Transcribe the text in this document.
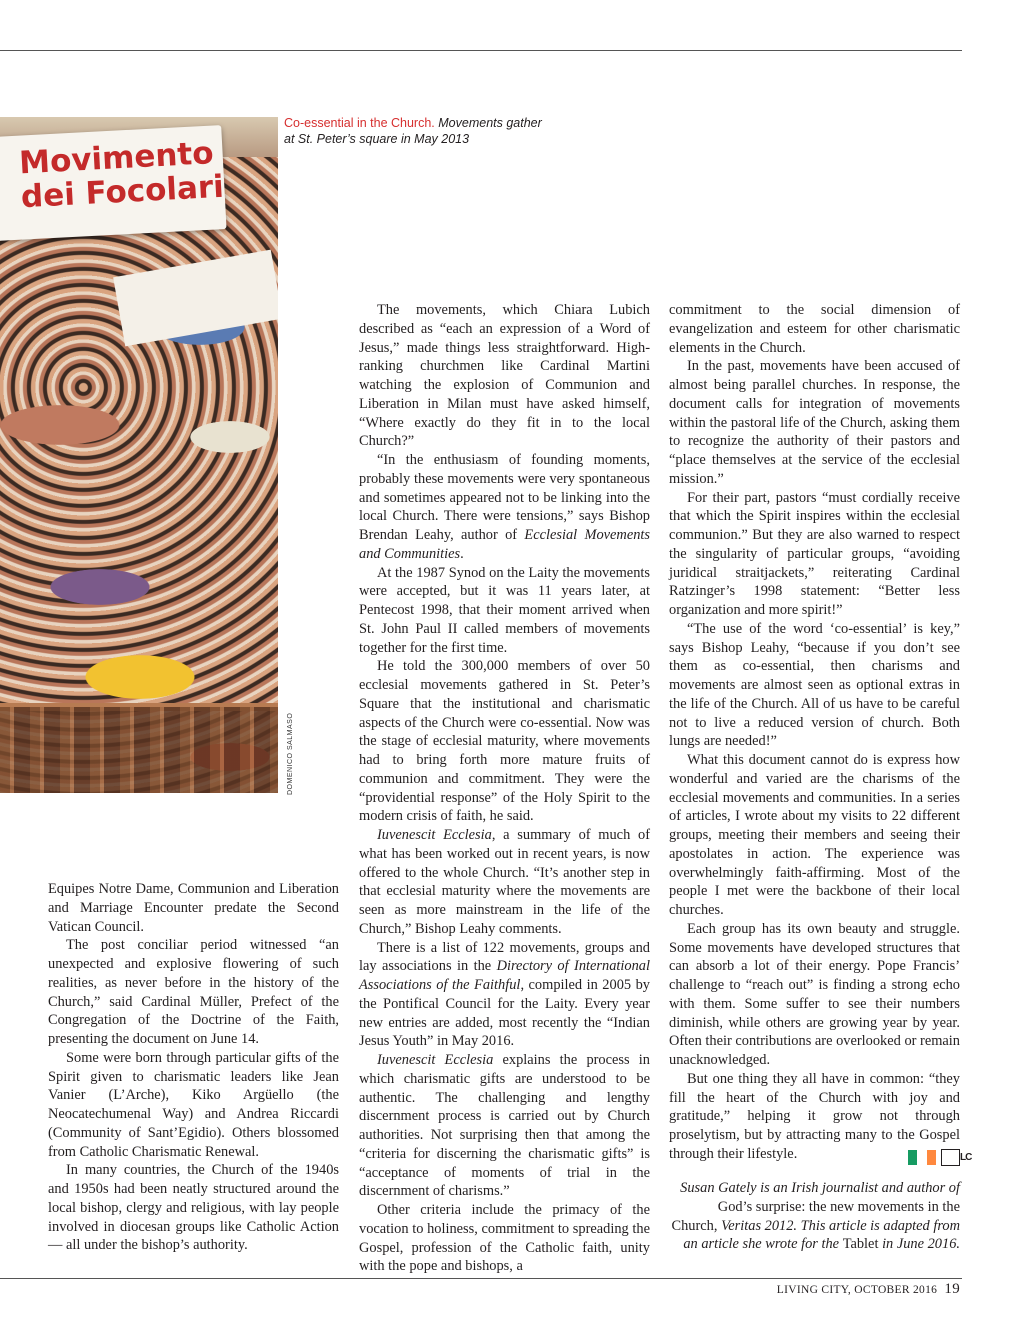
Movimento
dei Focolari
DOMENICO SALMASO
Co-essential in the Church. Movements gather at St. Peter’s square in May 2013

Equipes Notre Dame, Communion and Liberation and Marriage Encounter predate the Second Vatican Council.

The post conciliar period witnessed “an unexpected and explosive flowering of such realities, as never before in the history of the Church,” said Cardinal Müller, Prefect of the Congregation of the Doctrine of the Faith, presenting the document on June 14.

Some were born through particular gifts of the Spirit given to charismatic leaders like Jean Vanier (L’Arche), Kiko Argüello (the Neocatechumenal Way) and Andrea Riccardi (Community of Sant’Egidio). Others blossomed from Catholic Charismatic Renewal.

In many countries, the Church of the 1940s and 1950s had been neatly structured around the local bishop, clergy and religious, with lay people involved in diocesan groups like Catholic Action — all under the bishop’s authority.

The movements, which Chiara Lubich described as “each an expression of a Word of Jesus,” made things less straightforward. High-ranking churchmen like Cardinal Martini watching the explosion of Communion and Liberation in Milan must have asked himself, “Where exactly do they fit in to the local Church?”

“In the enthusiasm of founding moments, probably these movements were very spontaneous and sometimes appeared not to be linking into the local Church. There were tensions,” says Bishop Brendan Leahy, author of Ecclesial Movements and Communities.

At the 1987 Synod on the Laity the movements were accepted, but it was 11 years later, at Pentecost 1998, that their moment arrived when St. John Paul II called members of movements together for the first time.

He told the 300,000 members of over 50 ecclesial movements gathered in St. Peter’s Square that the institutional and charismatic aspects of the Church were co-essential. Now was the stage of ecclesial maturity, where movements had to bring forth more mature fruits of communion and commitment. They were the “providential response” of the Holy Spirit to the modern crisis of faith, he said.

Iuvenescit Ecclesia, a summary of much of what has been worked out in recent years, is now offered to the whole Church. “It’s another step in that ecclesial maturity where the movements are seen as more mainstream in the life of the Church,” Bishop Leahy comments.

There is a list of 122 movements, groups and lay associations in the Directory of International Associations of the Faithful, compiled in 2005 by the Pontifical Council for the Laity. Every year new entries are added, most recently the “Indian Jesus Youth” in May 2016.

Iuvenescit Ecclesia explains the process in which charismatic gifts are understood to be authentic. The challenging and lengthy discernment process is carried out by Church authorities. Not surprising then that among the “criteria for discerning the charismatic gifts” is “acceptance of moments of trial in the discernment of charisms.”

Other criteria include the primacy of the vocation to holiness, commitment to spreading the Gospel, profession of the Catholic faith, unity with the pope and bishops, a

commitment to the social dimension of evangelization and esteem for other charismatic elements in the Church.

In the past, movements have been accused of almost being parallel churches. In response, the document calls for integration of movements within the pastoral life of the Church, asking them to recognize the authority of their pastors and “place themselves at the service of the ecclesial mission.”

For their part, pastors “must cordially receive that which the Spirit inspires within the ecclesial communion.” But they are also warned to respect the singularity of particular groups, “avoiding juridical straitjackets,” reiterating Cardinal Ratzinger’s 1998 statement: “Better less organization and more spirit!”

“The use of the word ‘co-essential’ is key,” says Bishop Leahy, “because if you don’t see them as co-essential, then charisms and movements are almost seen as optional extras in the life of the Church. All of us have to be careful not to live a reduced version of church. Both lungs are needed!”

What this document cannot do is express how wonderful and varied are the charisms of the ecclesial movements and communities. In a series of articles, I wrote about my visits to 22 different groups, meeting their members and seeing their apostolates in action. The experience was overwhelmingly faith-affirming. Most of the people I met were the backbone of their local churches.

Each group has its own beauty and struggle. Some movements have developed structures that can absorb a lot of their energy. Pope Francis’ challenge to “reach out” is finding a strong echo with them. Some suffer to see their numbers diminish, while others are growing year by year. Often their contributions are overlooked or remain unacknowledged.

But one thing they all have in common: “they fill the heart of the Church with joy and gratitude,” helping it grow not through proselytism, but by attracting many to the Gospel through their lifestyle.	LC

Susan Gately is an Irish journalist and author of God’s surprise: the new movements in the Church, Veritas 2012. This article is adapted from an article she wrote for the Tablet in June 2016.
LIVING CITY, OCTOBER 2016 19
